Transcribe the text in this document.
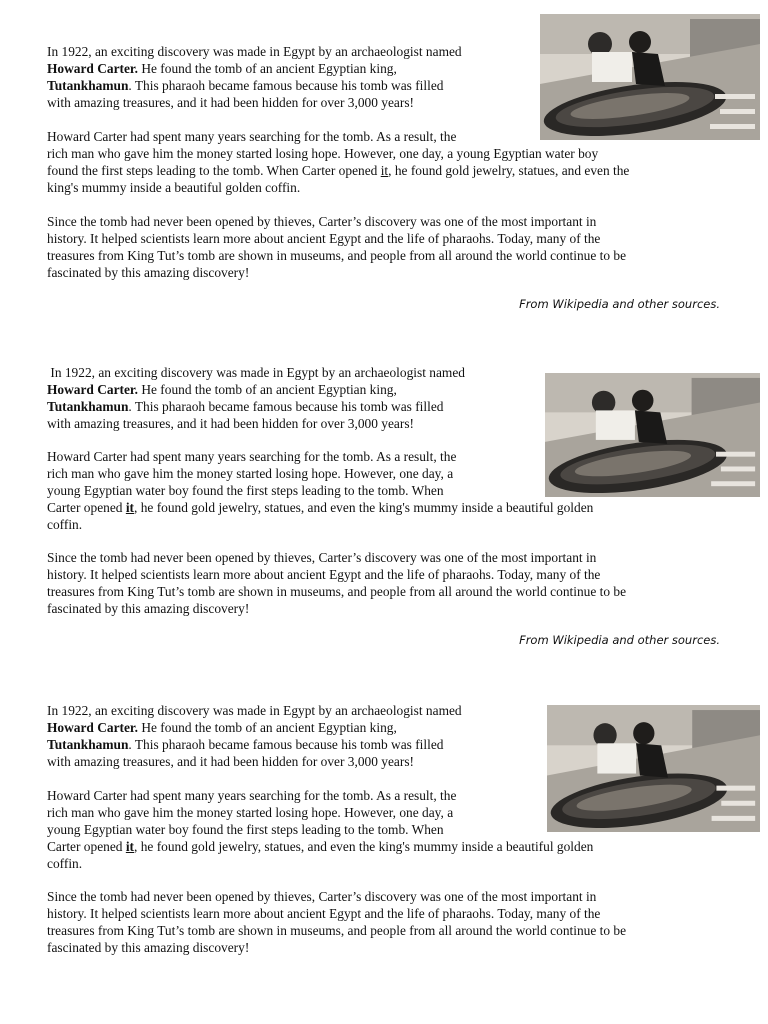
In 1922, an exciting discovery was made in Egypt by an archaeologist namedHoward Carter. He found the tomb of an ancient Egyptian king,Tutankhamun. This pharaoh became famous because his tomb was filledwith amazing treasures, and it had been hidden for over 3,000 years!

Howard Carter had spent many years searching for the tomb. As a result, therich man who gave him the money started losing hope. However, one day, a young Egyptian water boyfound the first steps leading to the tomb. When Carter opened it, he found gold jewelry, statues, and even theking's mummy inside a beautiful golden coffin.

Since the tomb had never been opened by thieves, Carter’s discovery was one of the most important inhistory. It helped scientists learn more about ancient Egypt and the life of pharaohs. Today, many of thetreasures from King Tut’s tomb are shown in museums, and people from all around the world continue to befascinated by this amazing discovery!

From Wikipedia and other sources.

In 1922, an exciting discovery was made in Egypt by an archaeologist namedHoward Carter. He found the tomb of an ancient Egyptian king,Tutankhamun. This pharaoh became famous because his tomb was filledwith amazing treasures, and it had been hidden for over 3,000 years!

Howard Carter had spent many years searching for the tomb. As a result, therich man who gave him the money started losing hope. However, one day, ayoung Egyptian water boy found the first steps leading to the tomb. WhenCarter opened it, he found gold jewelry, statues, and even the king's mummy inside a beautiful goldencoffin.

Since the tomb had never been opened by thieves, Carter’s discovery was one of the most important inhistory. It helped scientists learn more about ancient Egypt and the life of pharaohs. Today, many of thetreasures from King Tut’s tomb are shown in museums, and people from all around the world continue to befascinated by this amazing discovery!

From Wikipedia and other sources.

In 1922, an exciting discovery was made in Egypt by an archaeologist namedHoward Carter. He found the tomb of an ancient Egyptian king,Tutankhamun. This pharaoh became famous because his tomb was filledwith amazing treasures, and it had been hidden for over 3,000 years!

Howard Carter had spent many years searching for the tomb. As a result, therich man who gave him the money started losing hope. However, one day, ayoung Egyptian water boy found the first steps leading to the tomb. WhenCarter opened it, he found gold jewelry, statues, and even the king's mummy inside a beautiful goldencoffin.

Since the tomb had never been opened by thieves, Carter’s discovery was one of the most important inhistory. It helped scientists learn more about ancient Egypt and the life of pharaohs. Today, many of thetreasures from King Tut’s tomb are shown in museums, and people from all around the world continue to befascinated by this amazing discovery!
